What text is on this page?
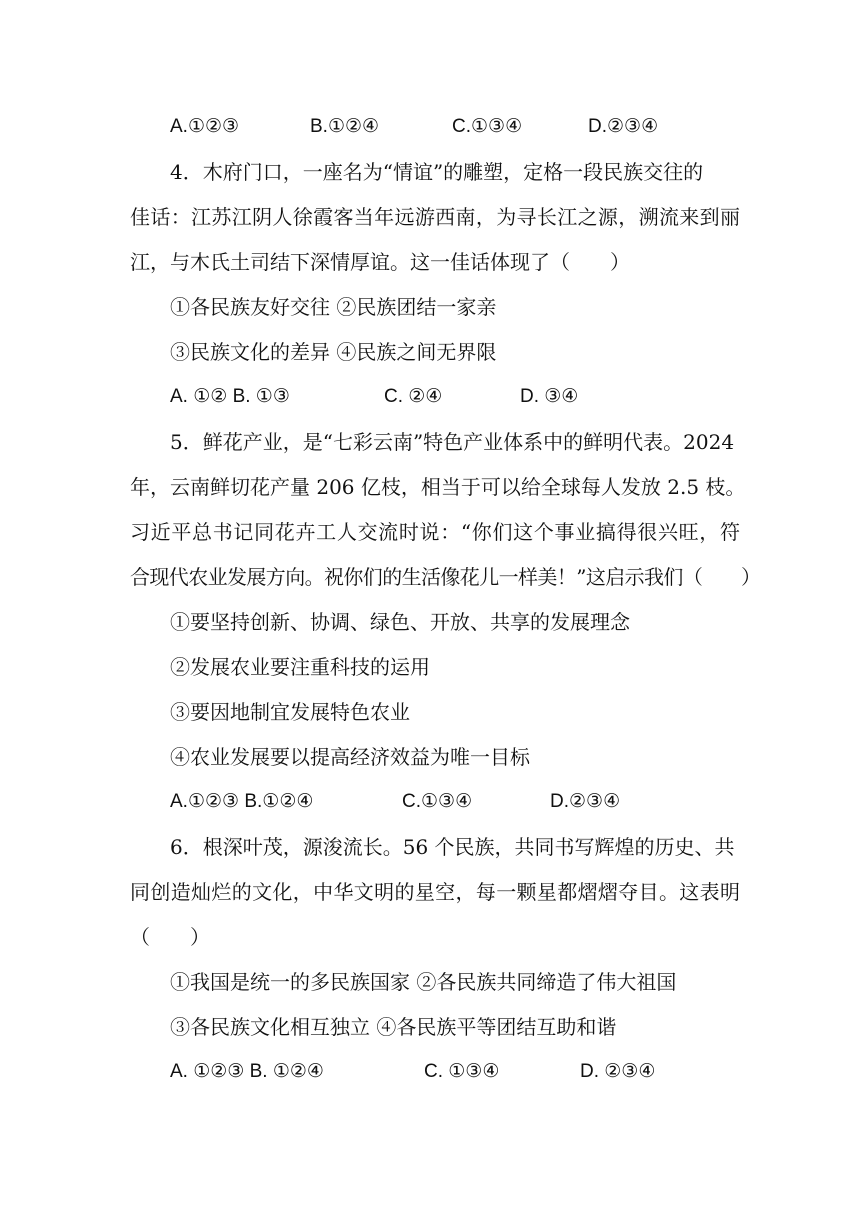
A.①②③	B.①②④	C.①③④	D.②③④
4．木府门口，一座名为“情谊”的雕塑，定格一段民族交往的
佳话：江苏江阴人徐霞客当年远游西南，为寻长江之源，溯流来到丽
江，与木氏土司结下深情厚谊。这一佳话体现了（　　）
①各民族友好交往 ②民族团结一家亲
③民族文化的差异 ④民族之间无界限
A. ①② B. ①③	C. ②④	D. ③④
5．鲜花产业，是“七彩云南”特色产业体系中的鲜明代表。2024
年，云南鲜切花产量 206 亿枝，相当于可以给全球每人发放 2.5 枝。
习近平总书记同花卉工人交流时说：“你们这个事业搞得很兴旺，符
合现代农业发展方向。祝你们的生活像花儿一样美！”这启示我们（　　）
①要坚持创新、协调、绿色、开放、共享的发展理念
②发展农业要注重科技的运用
③要因地制宜发展特色农业
④农业发展要以提高经济效益为唯一目标
A.①②③ B.①②④	C.①③④	D.②③④
6．根深叶茂，源浚流长。56 个民族，共同书写辉煌的历史、共
同创造灿烂的文化，中华文明的星空，每一颗星都熠熠夺目。这表明
（　　）
①我国是统一的多民族国家 ②各民族共同缔造了伟大祖国
③各民族文化相互独立 ④各民族平等团结互助和谐
A. ①②③ B. ①②④	C. ①③④	D. ②③④
